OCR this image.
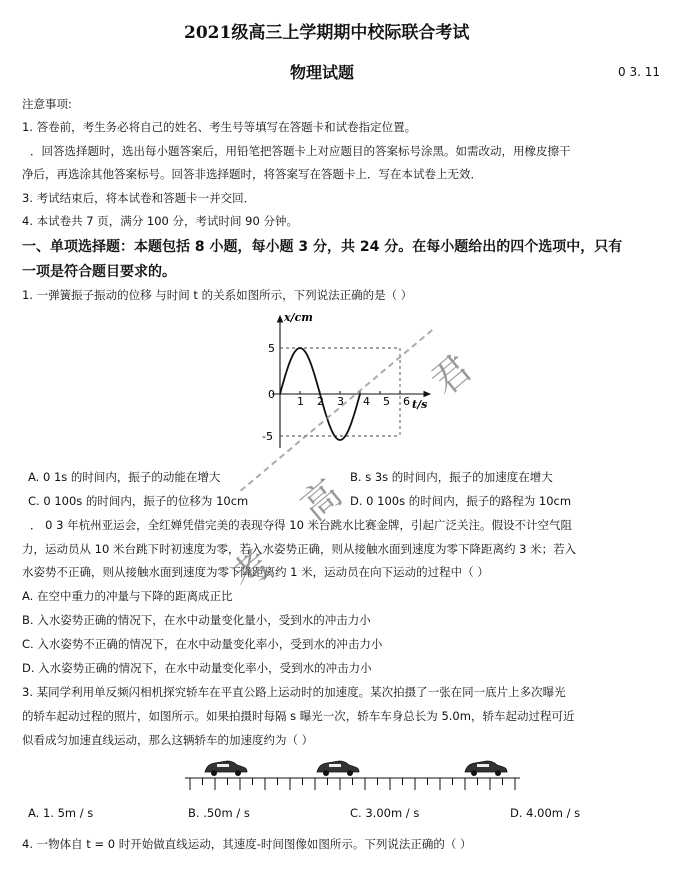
2021级高三上学期期中校际联合考试
物理试题	0 3. 11
注意事项:
1. 答卷前，考生务必将自己的姓名、考生号等填写在答题卡和试卷指定位置。
．回答选择题时，选出每小题答案后，用铅笔把答题卡上对应题目的答案标号涂黑。如需改动，用橡皮擦干
净后，再选涂其他答案标号。回答非选择题时，将答案写在答题卡上．写在本试卷上无效．
3. 考试结束后，将本试卷和答题卡一并交回．
4. 本试卷共 7 页，满分 100 分，考试时间 90 分钟。
一、单项选择题：本题包括 8 小题，每小题 3 分，共 24 分。在每小题给出的四个选项中，只有
一项是符合题目要求的。
1. 一弹簧振子振动的位移 与时间 t 的关系如图所示，下列说法正确的是（ ）
x/cm
t/s
0
5
-5
1 2 3 4 5 6
A. 0 1s 的时间内，振子的动能在增大	B. s 3s 的时间内，振子的加速度在增大
C. 0 100s 的时间内，振子的位移为 10cm	D. 0 100s 的时间内，振子的路程为 10cm
． 0 3 年杭州亚运会，全红婵凭借完美的表现夺得 10 米台跳水比赛金牌，引起广泛关注。假设不计空气阻
力，运动员从 10 米台跳下时初速度为零，若入水姿势正确，则从接触水面到速度为零下降距离约 3 米；若入
水姿势不正确，则从接触水面到速度为零下降距离约 1 米，运动员在向下运动的过程中（ ）
A. 在空中重力的冲量与下降的距离成正比
B. 入水姿势正确的情况下，在水中动量变化量小，受到水的冲击力小
C. 入水姿势不正确的情况下，在水中动量变化率小，受到水的冲击力小
D. 入水姿势正确的情况下，在水中动量变化率小，受到水的冲击力小
3. 某同学利用单反频闪相机探究轿车在平直公路上运动时的加速度。某次拍摄了一张在同一底片上多次曝光
的轿车起动过程的照片，如图所示。如果拍摄时每隔 s 曝光一次，轿车车身总长为 5.0m，轿车起动过程可近
似看成匀加速直线运动，那么这辆轿车的加速度约为（ ）
A. 1. 5m / s	B. .50m / s	C. 3.00m / s	D. 4.00m / s
4. 一物体自 t = 0 时开始做直线运动，其速度-时间图像如图所示。下列说法正确的（ ）
高
君
考
